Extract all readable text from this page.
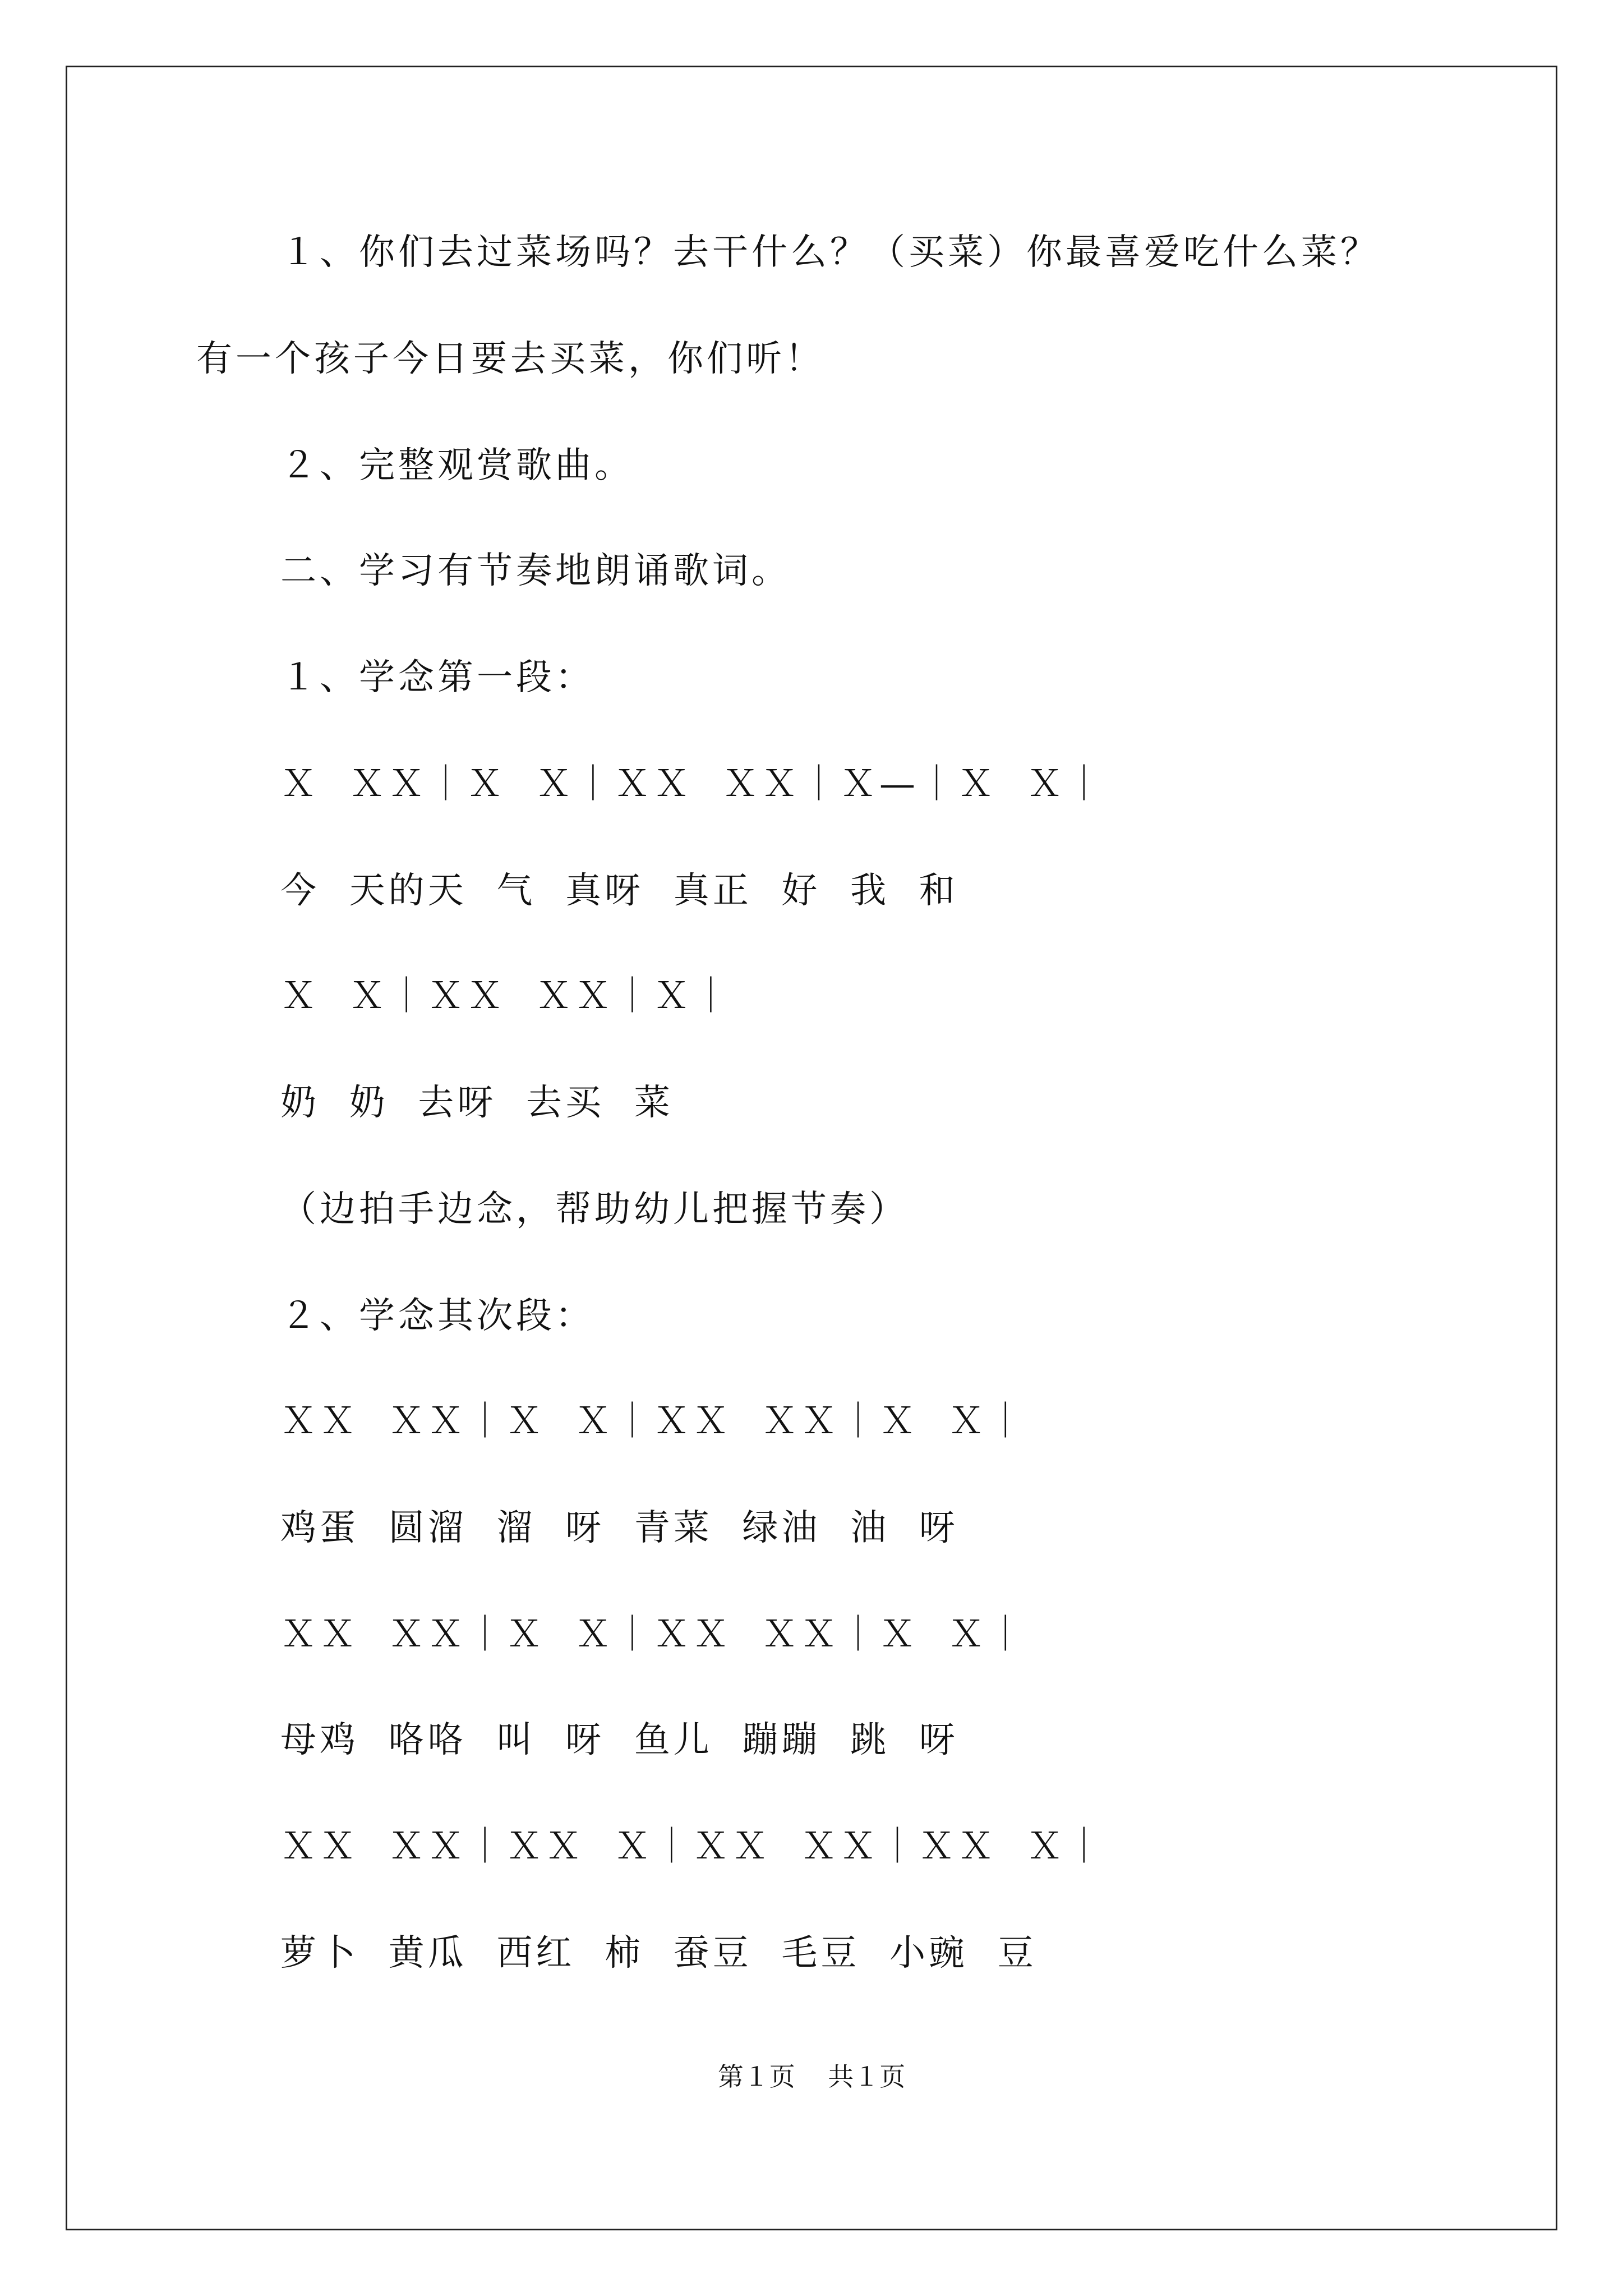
１、你们去过菜场吗？去干什么？（买菜）你最喜爱吃什么菜？
有一个孩子今日要去买菜，你们听！
２、完整观赏歌曲。
二、学习有节奏地朗诵歌词。
１、学念第一段：
Ｘ  ＸＸ｜Ｘ  Ｘ｜ＸＸ  ＸＸ｜Ｘ—｜Ｘ  Ｘ｜
今  天的天  气  真呀  真正  好  我  和
Ｘ  Ｘ｜ＸＸ  ＸＸ｜Ｘ｜
奶  奶  去呀  去买  菜
（边拍手边念，帮助幼儿把握节奏）
２、学念其次段：
ＸＸ  ＸＸ｜Ｘ  Ｘ｜ＸＸ  ＸＸ｜Ｘ  Ｘ｜
鸡蛋  圆溜  溜  呀  青菜  绿油  油  呀
ＸＸ  ＸＸ｜Ｘ  Ｘ｜ＸＸ  ＸＸ｜Ｘ  Ｘ｜
母鸡  咯咯  叫  呀  鱼儿  蹦蹦  跳  呀
ＸＸ  ＸＸ｜ＸＸ  Ｘ｜ＸＸ  ＸＸ｜ＸＸ  Ｘ｜
萝卜  黄瓜  西红  柿  蚕豆  毛豆  小豌  豆
第１页    共１页
